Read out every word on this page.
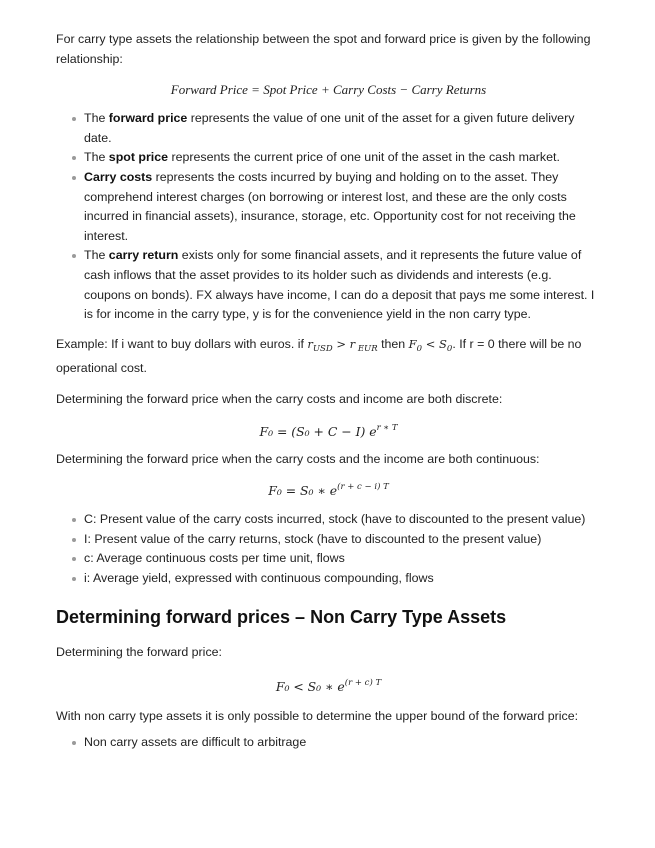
For carry type assets the relationship between the spot and forward price is given by the following relationship:

Forward Price = Spot Price + Carry Costs − Carry Returns

The forward price represents the value of one unit of the asset for a given future delivery date.
The spot price represents the current price of one unit of the asset in the cash market.
Carry costs represents the costs incurred by buying and holding on to the asset. They comprehend interest charges (on borrowing or interest lost, and these are the only costs incurred in financial assets), insurance, storage, etc. Opportunity cost for not receiving the interest.
The carry return exists only for some financial assets, and it represents the future value of cash inflows that the asset provides to its holder such as dividends and interests (e.g. coupons on bonds). FX always have income, I can do a deposit that pays me some interest. I is for income in the carry type, y is for the convenience yield in the non carry type.

Example: If i want to buy dollars with euros. if $r_{USD} > r$ $_{EUR}$ then $F_0 < S_0$. If r = 0 there will be no operational cost.

Determining the forward price when the carry costs and income are both discrete:

F₀ = (S₀ + C − I) $e^{r ∗ T}$

Determining the forward price when the carry costs and the income are both continuous:

F₀ = S₀ ∗ $e^{(r + c - i) T}$

C: Present value of the carry costs incurred, stock (have to discounted to the present value)
I: Present value of the carry returns, stock (have to discounted to the present value)
c: Average continuous costs per time unit, flows
i: Average yield, expressed with continuous compounding, flows
Determining forward prices – Non Carry Type Assets

Determining the forward price:

F₀ < S₀ ∗ $e^{(r + c) T}$

With non carry type assets it is only possible to determine the upper bound of the forward price:

Non carry assets are difficult to arbitrage
